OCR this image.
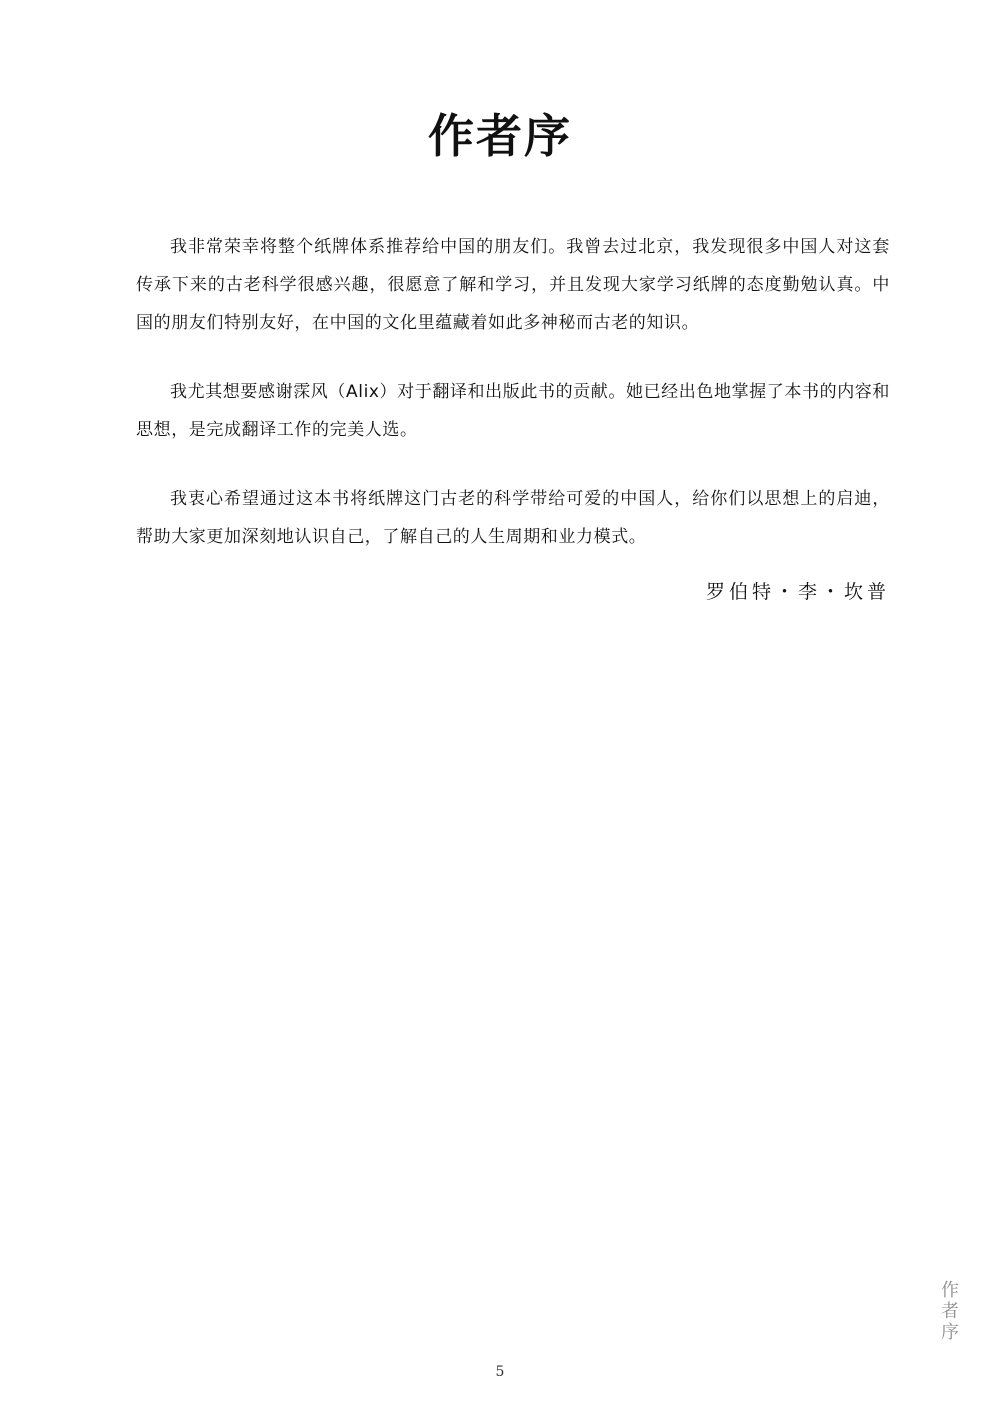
作者序

我非常荣幸将整个纸牌体系推荐给中国的朋友们。我曾去过北京，我发现很多中国人对这套传承下来的古老科学很感兴趣，很愿意了解和学习，并且发现大家学习纸牌的态度勤勉认真。中国的朋友们特别友好，在中国的文化里蕴藏着如此多神秘而古老的知识。

我尤其想要感谢霂风（Alix）对于翻译和出版此书的贡献。她已经出色地掌握了本书的内容和思想，是完成翻译工作的完美人选。

我衷心希望通过这本书将纸牌这门古老的科学带给可爱的中国人，给你们以思想上的启迪，帮助大家更加深刻地认识自己，了解自己的人生周期和业力模式。

罗伯特・李・坎普
作
者
序
5
